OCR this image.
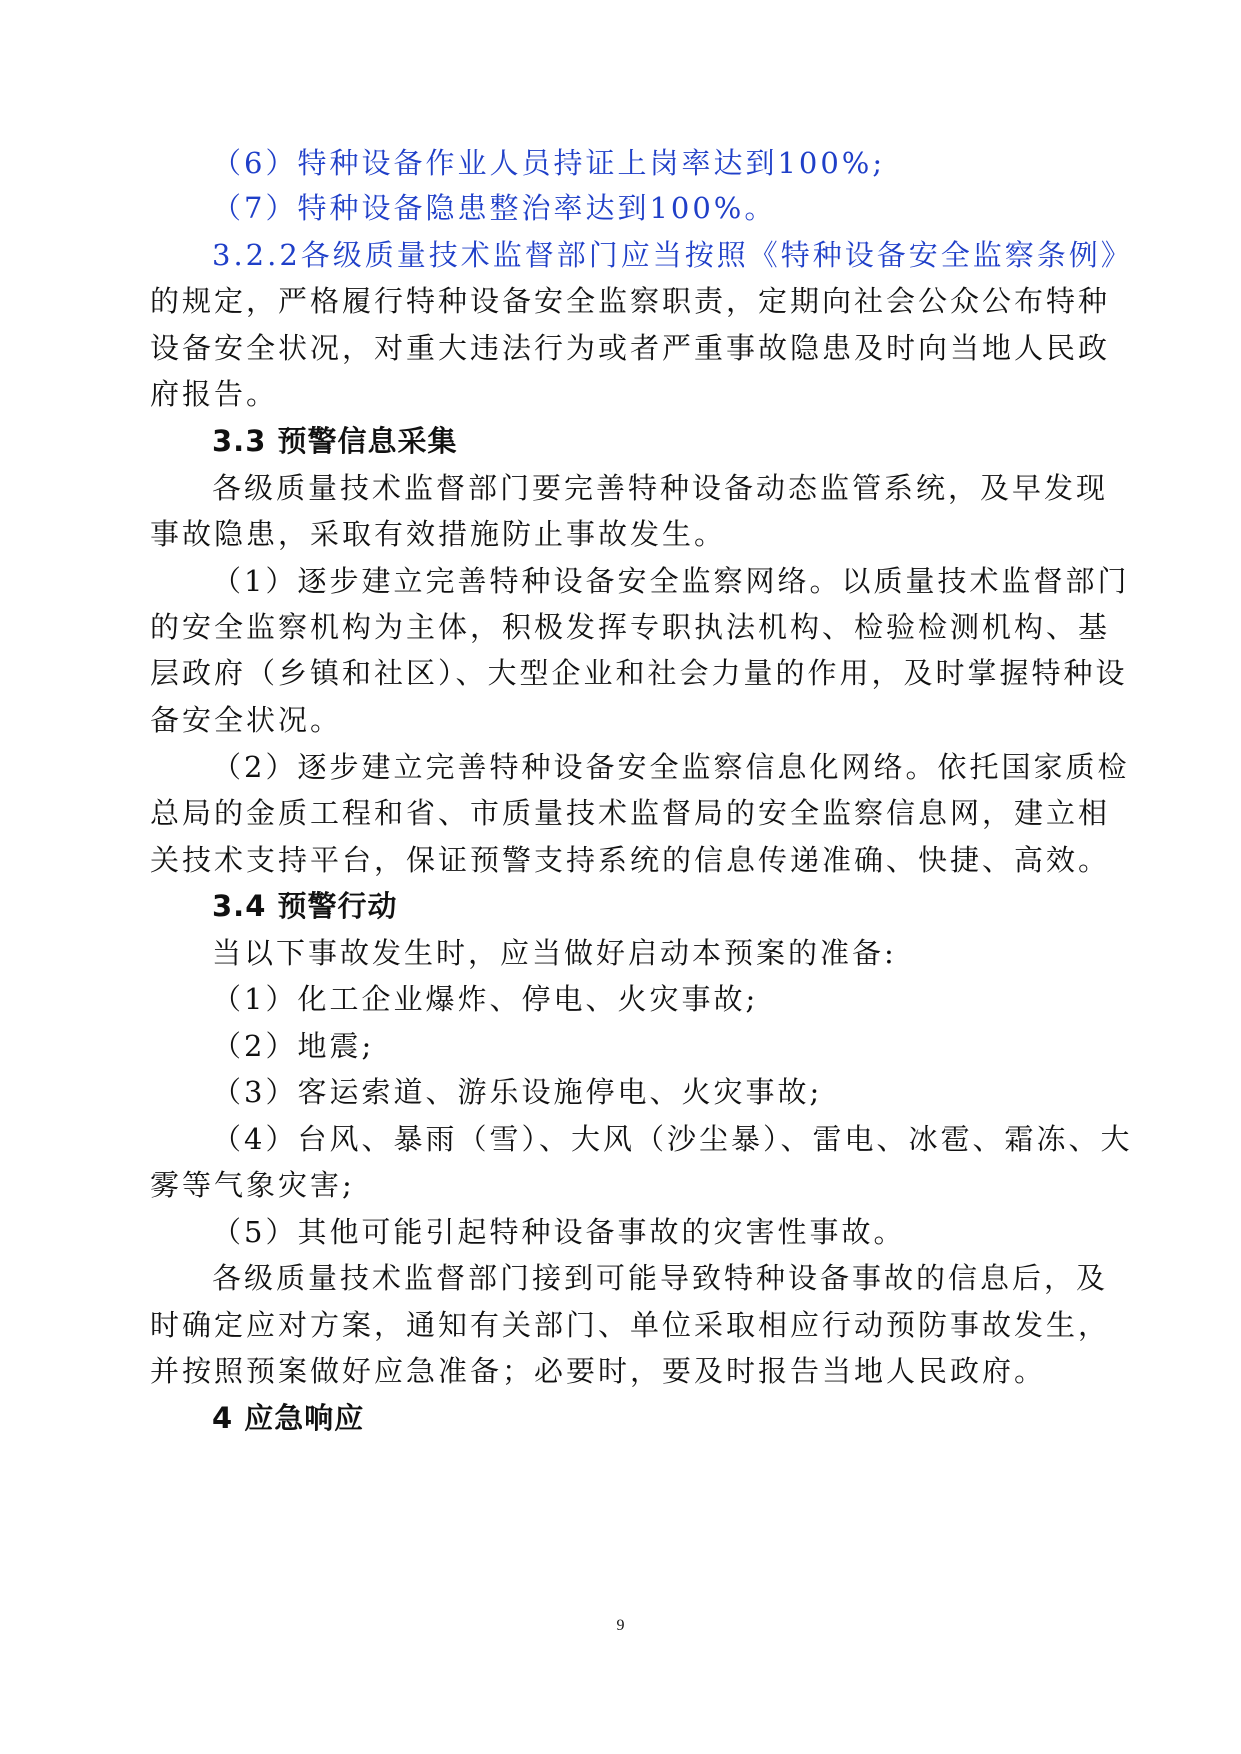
（6）特种设备作业人员持证上岗率达到100%;
（7）特种设备隐患整治率达到100%。
3.2.2各级质量技术监督部门应当按照《特种设备安全监察条例》
的规定，严格履行特种设备安全监察职责，定期向社会公众公布特种
设备安全状况，对重大违法行为或者严重事故隐患及时向当地人民政
府报告。
3.3 预警信息采集
各级质量技术监督部门要完善特种设备动态监管系统，及早发现
事故隐患，采取有效措施防止事故发生。
（1）逐步建立完善特种设备安全监察网络。以质量技术监督部门
的安全监察机构为主体，积极发挥专职执法机构、检验检测机构、基
层政府（乡镇和社区）、大型企业和社会力量的作用，及时掌握特种设
备安全状况。
（2）逐步建立完善特种设备安全监察信息化网络。依托国家质检
总局的金质工程和省、市质量技术监督局的安全监察信息网，建立相
关技术支持平台，保证预警支持系统的信息传递准确、快捷、高效。
3.4 预警行动
当以下事故发生时，应当做好启动本预案的准备:
（1）化工企业爆炸、停电、火灾事故;
（2）地震;
（3）客运索道、游乐设施停电、火灾事故;
（4）台风、暴雨（雪）、大风（沙尘暴）、雷电、冰雹、霜冻、大
雾等气象灾害;
（5）其他可能引起特种设备事故的灾害性事故。
各级质量技术监督部门接到可能导致特种设备事故的信息后，及
时确定应对方案，通知有关部门、单位采取相应行动预防事故发生，
并按照预案做好应急准备；必要时，要及时报告当地人民政府。
4 应急响应
9
